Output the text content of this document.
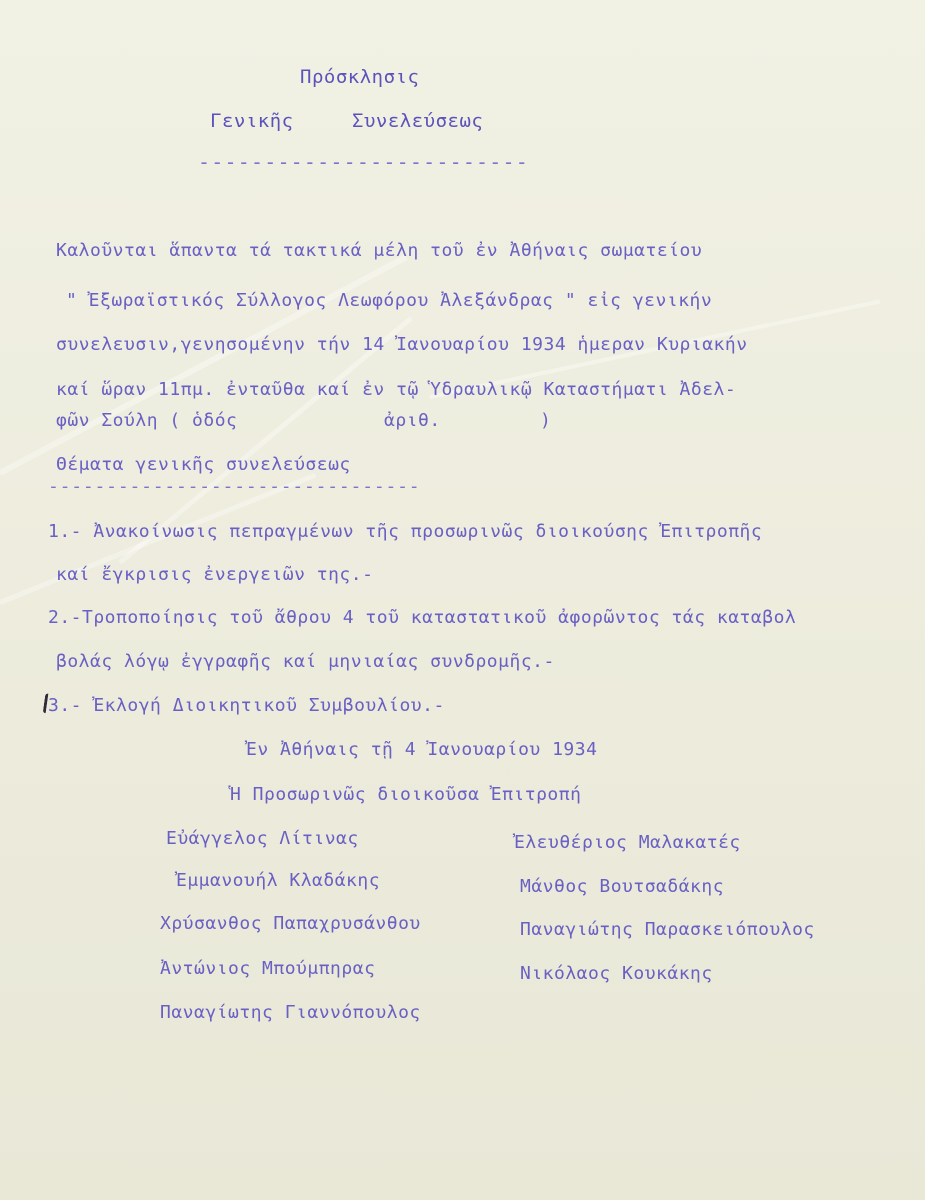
Πρόσκλησις
Γενικῆς	Συνελεύσεως
-------------------------
Καλοῦνται ἅπαντα τά τακτικά μέλη τοῦ ἐν Ἀθήναις σωματείου
" Ἐξωραϊστικός Σύλλογος Λεωφόρου Ἀλεξάνδρας " εἰς γενικήν
συνελευσιν,γενησομένην τήν 14 Ἰανουαρίου 1934 ἡμεραν Κυριακήν
καί ὥραν 11πμ. ἐνταῦθα καί ἐν τῷ Ὑδραυλικῷ Καταστήματι Ἀδελ-
φῶν Σούλη ( ὁδός	ἀριθ.	)
Θέματα γενικῆς συνελεύσεως
--------------------------------
1.- Ἀνακοίνωσις πεπραγμένων τῆς προσωρινῶς διοικούσης Ἐπιτροπῆς
καί ἔγκρισις ἐνεργειῶν της.-
2.-Τροποποίησις τοῦ ἄθρου 4 τοῦ καταστατικοῦ ἀφορῶντος τάς καταβολ
βολάς λόγῳ ἐγγραφῆς καί μηνιαίας συνδρομῆς.-
3.- Ἐκλογή Διοικητικοῦ Συμβουλίου.-
Ἐν Ἀθήναις τῇ 4 Ἰανουαρίου 1934
Ἡ Προσωρινῶς διοικοῦσα Ἐπιτροπή
Εὐάγγελος Λίτινας
Ἐμμανουήλ Κλαδάκης
Χρύσανθος Παπαχρυσάνθου
Ἀντώνιος Μπούμπηρας
Παναγίωτης Γιαννόπουλος
Ἐλευθέριος Μαλακατές
Μάνθος Βουτσαδάκης
Παναγιώτης Παρασκειόπουλος
Νικόλαος Κουκάκης
